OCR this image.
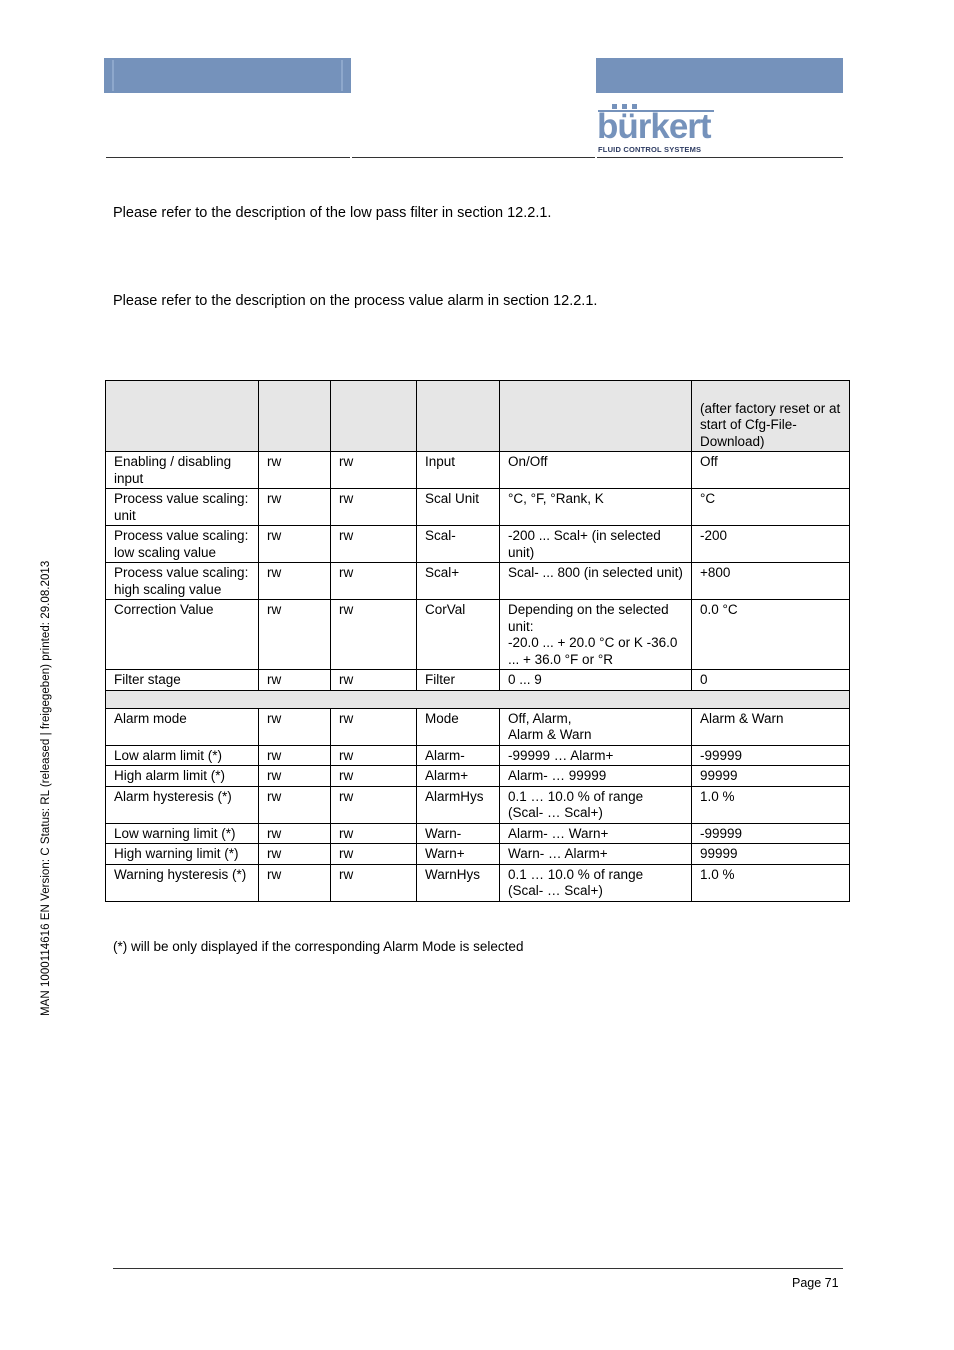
bürkert
FLUID CONTROL SYSTEMS
Please refer to the description of the low pass filter in section 12.2.1.
Please refer to the description on the process value alarm in section 12.2.1.
MAN 1000114616 EN Version: C Status: RL (released | freigegeben) printed: 29.08.2013
					(after factory reset or at start of Cfg-File-Download)
Enabling / disabling input	rw	rw	Input	On/Off	Off
Process value scaling: unit	rw	rw	Scal Unit	°C, °F, °Rank, K	°C
Process value scaling:
low scaling value	rw	rw	Scal-	-200 ... Scal+ (in selected unit)	-200
Process value scaling:
high scaling value	rw	rw	Scal+	Scal- ... 800 (in selected unit)	+800
Correction Value	rw	rw	CorVal	Depending on the selected unit:
-20.0 ... + 20.0 °C or K -36.0 ... + 36.0 °F or °R	0.0 °C
Filter stage	rw	rw	Filter	0 ... 9	0

Alarm mode	rw	rw	Mode	Off, Alarm,
Alarm & Warn	Alarm & Warn
Low alarm limit (*)	rw	rw	Alarm-	-99999 … Alarm+	-99999
High alarm limit (*)	rw	rw	Alarm+	Alarm- … 99999	99999
Alarm hysteresis (*)	rw	rw	AlarmHys	0.1 … 10.0 % of range
(Scal- … Scal+)	1.0 %
Low warning limit (*)	rw	rw	Warn-	Alarm- … Warn+	-99999
High warning limit (*)	rw	rw	Warn+	Warn- … Alarm+	99999
Warning hysteresis (*)	rw	rw	WarnHys	0.1 … 10.0 % of range
(Scal- … Scal+)	1.0 %
(*) will be only displayed if the corresponding Alarm Mode is selected
Page 71
